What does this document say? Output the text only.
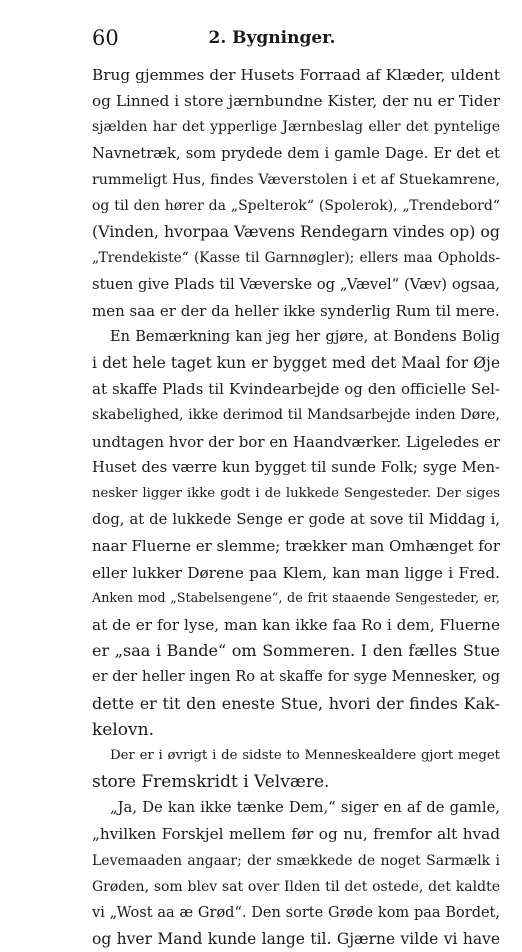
60	2. Bygninger.
Brug gjemmes der Husets Forraad af Klæder, uldent
og Linned i store jærnbundne Kister, der nu er Tider
sjælden har det ypperlige Jærnbeslag eller det pyntelige
Navnetræk, som prydede dem i gamle Dage. Er det et
rummeligt Hus, findes Væverstolen i et af Stuekamrene,
og til den hører da „Spelterok“ (Spolerok), „Trendebord“
(Vinden, hvorpaa Vævens Rendegarn vindes op) og
„Trendekiste“ (Kasse til Garnnøgler); ellers maa Opholds-
stuen give Plads til Væverske og „Vævel“ (Væv) ogsaa,
men saa er der da heller ikke synderlig Rum til mere.
En Bemærkning kan jeg her gjøre, at Bondens Bolig
i det hele taget kun er bygget med det Maal for Øje
at skaffe Plads til Kvindearbejde og den officielle Sel-
skabelighed, ikke derimod til Mandsarbejde inden Døre,
undtagen hvor der bor en Haandværker. Ligeledes er
Huset des værre kun bygget til sunde Folk; syge Men-
nesker ligger ikke godt i de lukkede Sengesteder. Der siges
dog, at de lukkede Senge er gode at sove til Middag i,
naar Fluerne er slemme; trækker man Omhænget for
eller lukker Dørene paa Klem, kan man ligge i Fred.
Anken mod „Stabelsengene“, de frit staaende Sengesteder, er,
at de er for lyse, man kan ikke faa Ro i dem, Fluerne
er „saa i Bande“ om Sommeren. I den fælles Stue
er der heller ingen Ro at skaffe for syge Mennesker, og
dette er tit den eneste Stue, hvori der findes Kak-
kelovn.
Der er i øvrigt i de sidste to Menneskealdere gjort meget
store Fremskridt i Velvære.
„Ja, De kan ikke tænke Dem,“ siger en af de gamle,
„hvilken Forskjel mellem før og nu, fremfor alt hvad
Levemaaden angaar; der smækkede de noget Sarmælk i
Grøden, som blev sat over Ilden til det ostede, det kaldte
vi „Wost aa æ Grød“. Den sorte Grøde kom paa Bordet,
og hver Mand kunde lange til. Gjærne vilde vi have
